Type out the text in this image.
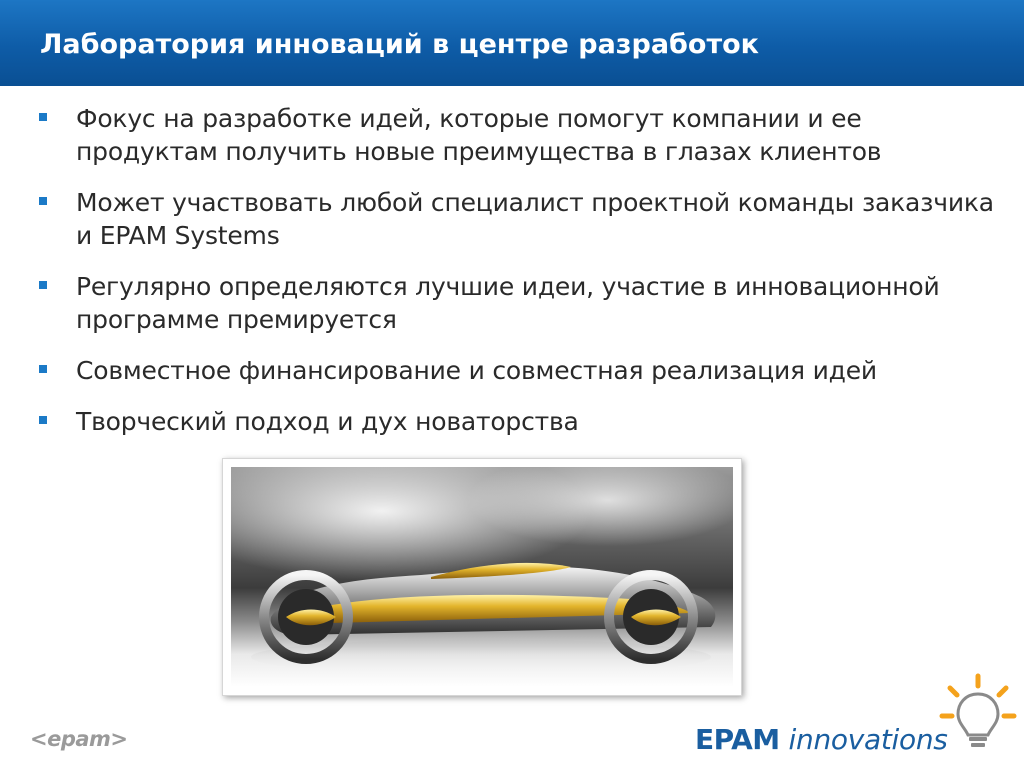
Лаборатория инноваций в центре разработок
Фокус на разработке идей, которые помогут компании и ее продуктам получить новые преимущества в глазах клиентов
Может участвовать любой специалист проектной команды заказчика и EPAM Systems
Регулярно определяются лучшие идеи, участие в инновационной программе премируется
Совместное финансирование и совместная реализация идей
Творческий подход и дух новаторства
<epam>	EPAM innovations
